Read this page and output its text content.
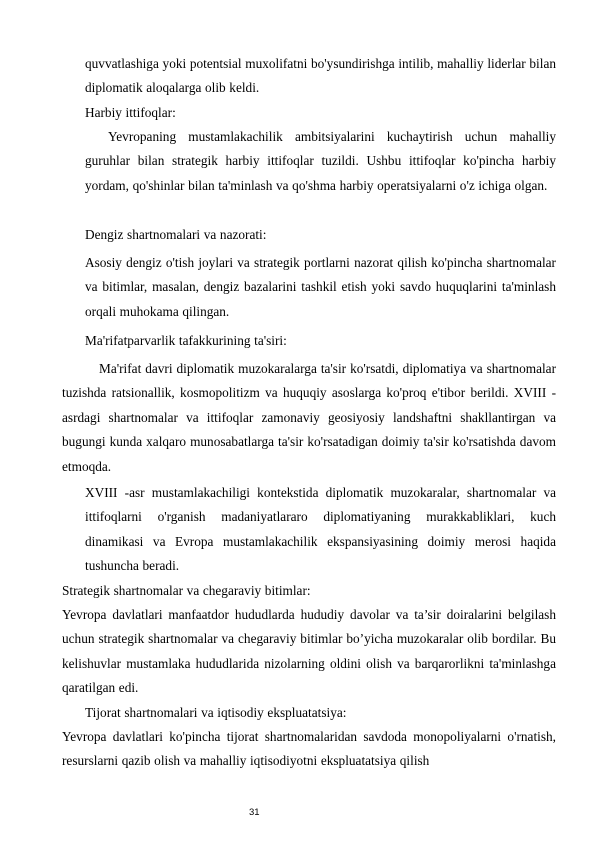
quvvatlashiga yoki potentsial muxolifatni bo'ysundirishga intilib, mahalliy liderlar bilan diplomatik aloqalarga olib keldi.

Harbiy ittifoqlar:

Yevropaning mustamlakachilik ambitsiyalarini kuchaytirish uchun mahalliy guruhlar bilan strategik harbiy ittifoqlar tuzildi. Ushbu ittifoqlar ko'pincha harbiy yordam, qo'shinlar bilan ta'minlash va qo'shma harbiy operatsiyalarni o'z ichiga olgan.

Dengiz shartnomalari va nazorati:

Asosiy dengiz o'tish joylari va strategik portlarni nazorat qilish ko'pincha shartnomalar va bitimlar, masalan, dengiz bazalarini tashkil etish yoki savdo huquqlarini ta'minlash orqali muhokama qilingan.

Ma'rifatparvarlik tafakkurining ta'siri:

Ma'rifat davri diplomatik muzokaralarga ta'sir ko'rsatdi, diplomatiya va shartnomalar tuzishda ratsionallik, kosmopolitizm va huquqiy asoslarga ko'proq e'tibor berildi. XVIII -asrdagi shartnomalar va ittifoqlar zamonaviy geosiyosiy landshaftni shakllantirgan va bugungi kunda xalqaro munosabatlarga ta'sir ko'rsatadigan doimiy ta'sir ko'rsatishda davom etmoqda.

XVIII -asr mustamlakachiligi kontekstida diplomatik muzokaralar, shartnomalar va ittifoqlarni o'rganish madaniyatlararo diplomatiyaning murakkabliklari, kuch dinamikasi va Evropa mustamlakachilik ekspansiyasining doimiy merosi haqida tushuncha beradi.

Strategik shartnomalar va chegaraviy bitimlar:

Yevropa davlatlari manfaatdor hududlarda hududiy davolar va ta’sir doiralarini belgilash uchun strategik shartnomalar va chegaraviy bitimlar bo’yicha muzokaralar olib bordilar. Bu kelishuvlar mustamlaka hududlarida nizolarning oldini olish va barqarorlikni ta'minlashga qaratilgan edi.

Tijorat shartnomalari va iqtisodiy ekspluatatsiya:

Yevropa davlatlari ko'pincha tijorat shartnomalaridan savdoda monopoliyalarni o'rnatish, resurslarni qazib olish va mahalliy iqtisodiyotni ekspluatatsiya qilish

31
